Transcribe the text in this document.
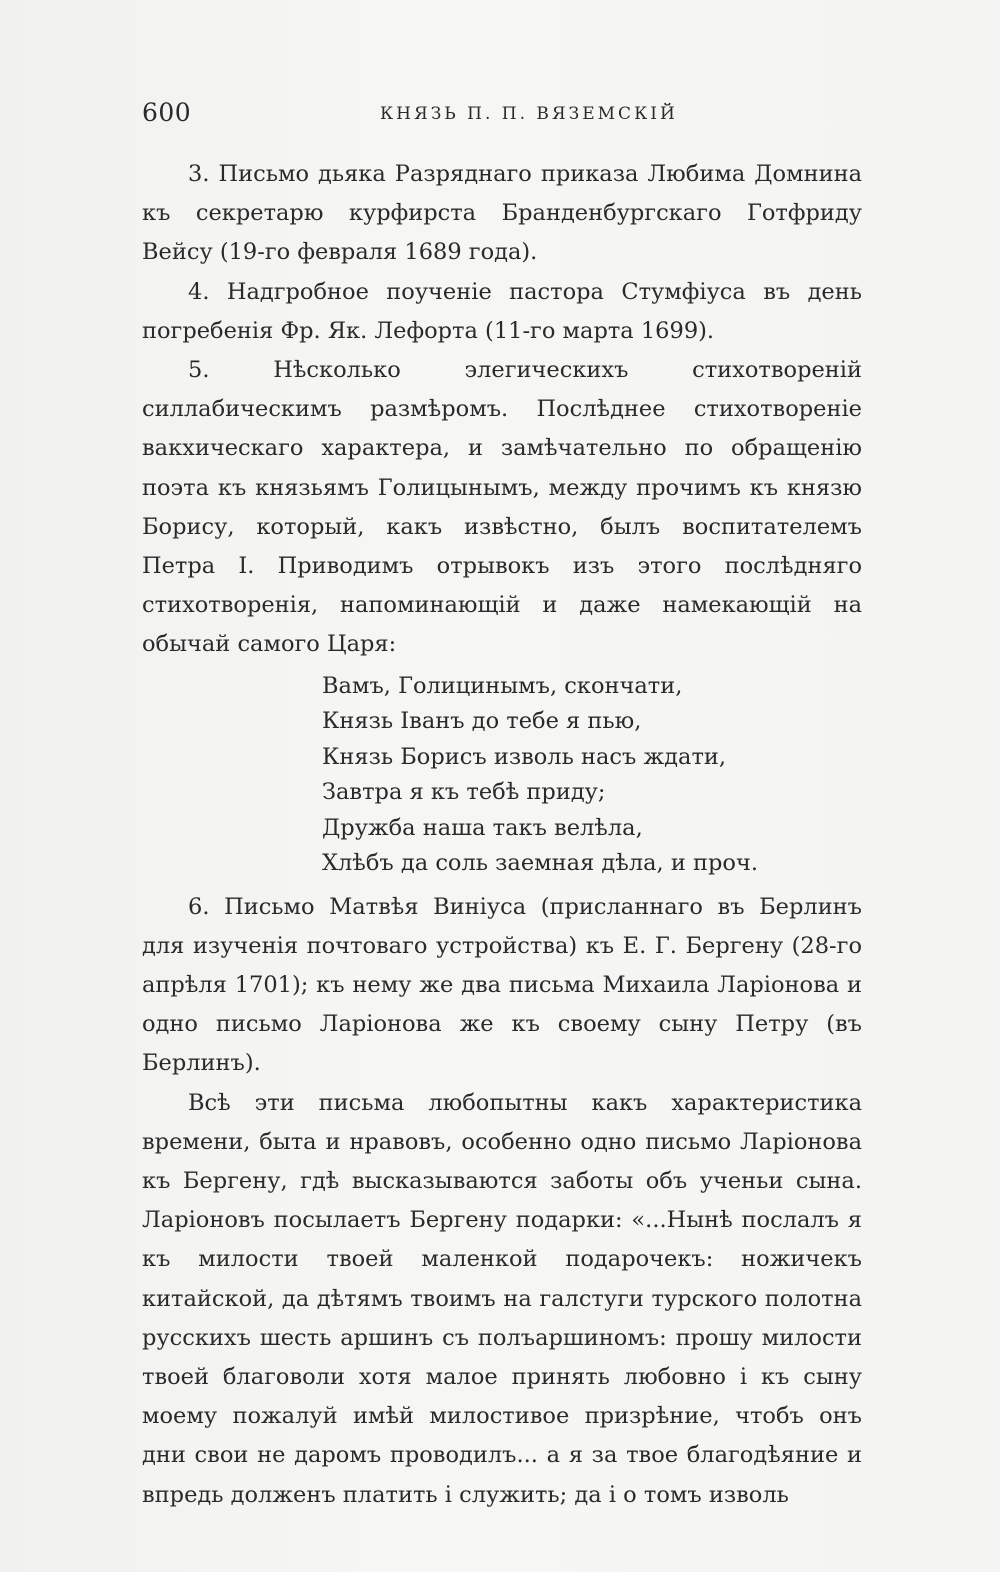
600	КНЯЗЬ П. П. ВЯЗЕМСКІЙ

3. Письмо дьяка Разряднаго приказа Любима Домнина къ секретарю курфирста Бранденбургскаго Готфриду Вейсу (19-го февраля 1689 года).

4. Надгробное поученіе пастора Стумфіуса въ день погребенія Фр. Як. Лефорта (11-го марта 1699).

5. Нѣсколько элегическихъ стихотвореній силлабическимъ размѣромъ. Послѣднее стихотвореніе вакхическаго характера, и замѣчательно по обращенію поэта къ князьямъ Голицынымъ, между прочимъ къ князю Борису, который, какъ извѣстно, былъ воспитателемъ Петра I. Приводимъ отрывокъ изъ этого послѣдняго стихотворенія, напоминающій и даже намекающій на обычай самого Царя:

Вамъ, Голицинымъ, скончати,
Князь Іванъ до тебе я пью,
Князь Борисъ изволь насъ ждати,
Завтра я къ тебѣ приду;
Дружба наша такъ велѣла,
Хлѣбъ да соль заемная дѣла, и проч.

6. Письмо Матвѣя Виніуса (присланнаго въ Берлинъ для изученія почтоваго устройства) къ Е. Г. Бергену (28-го апрѣля 1701); къ нему же два письма Михаила Ларіонова и одно письмо Ларіонова же къ своему сыну Петру (въ Берлинъ).

Всѣ эти письма любопытны какъ характеристика времени, быта и нравовъ, особенно одно письмо Ларіонова къ Бергену, гдѣ высказываются заботы объ ученьи сына. Ларіоновъ посылаетъ Бергену подарки: «...Нынѣ послалъ я къ милости твоей маленкой подарочекъ: ножичекъ китайской, да дѣтямъ твоимъ на галстуги турского полотна русскихъ шесть аршинъ съ полъаршиномъ: прошу милости твоей благоволи хотя малое принять любовно і къ сыну моему пожалуй имѣй милостивое призрѣние, чтобъ онъ дни свои не даромъ проводилъ... а я за твое благодѣяние и впредь долженъ платить і служить; да і о томъ изволь
